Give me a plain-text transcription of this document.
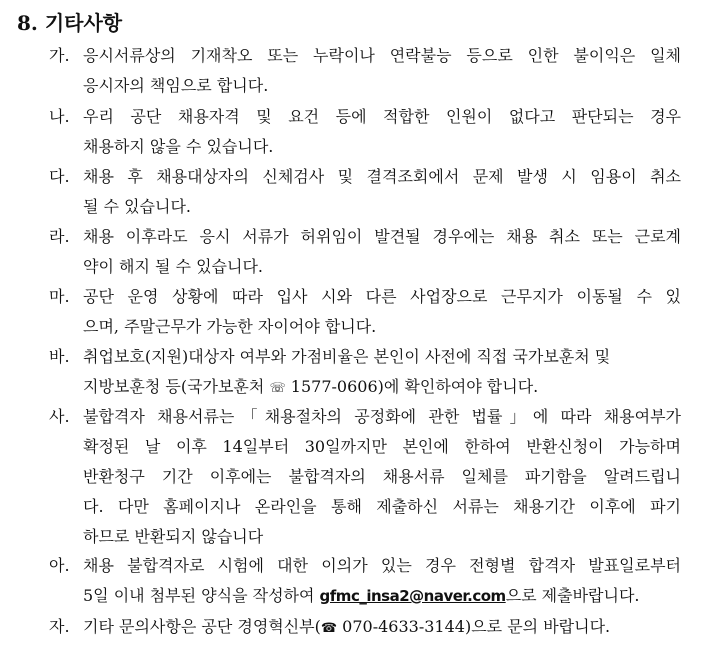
8. 기타사항
가. 응시서류상의 기재착오 또는 누락이나 연락불능 등으로 인한 불이익은 일체
응시자의 책임으로 합니다.
나. 우리 공단 채용자격 및 요건 등에 적합한 인원이 없다고 판단되는 경우
채용하지 않을 수 있습니다.
다. 채용 후 채용대상자의 신체검사 및 결격조회에서 문제 발생 시 임용이 취소
될 수 있습니다.
라. 채용 이후라도 응시 서류가 허위임이 발견될 경우에는 채용 취소 또는 근로계
약이 해지 될 수 있습니다.
마. 공단 운영 상황에 따라 입사 시와 다른 사업장으로 근무지가 이동될 수 있
으며, 주말근무가 가능한 자이어야 합니다.
바. 취업보호(지원)대상자 여부와 가점비율은 본인이 사전에 직접 국가보훈처 및
지방보훈청 등(국가보훈처 ☏ 1577-0606)에 확인하여야 합니다.
사. 불합격자 채용서류는「채용절차의 공정화에 관한 법률」에 따라 채용여부가
확정된 날 이후 14일부터 30일까지만 본인에 한하여 반환신청이 가능하며
반환청구 기간 이후에는 불합격자의 채용서류 일체를 파기함을 알려드립니
다. 다만 홈페이지나 온라인을 통해 제출하신 서류는 채용기간 이후에 파기
하므로 반환되지 않습니다
아. 채용 불합격자로 시험에 대한 이의가 있는 경우 전형별 합격자 발표일로부터
5일 이내 첨부된 양식을 작성하여 gfmc_insa2@naver.com으로 제출바랍니다.
자. 기타 문의사항은 공단 경영혁신부(☎ 070-4633-3144)으로 문의 바랍니다.
